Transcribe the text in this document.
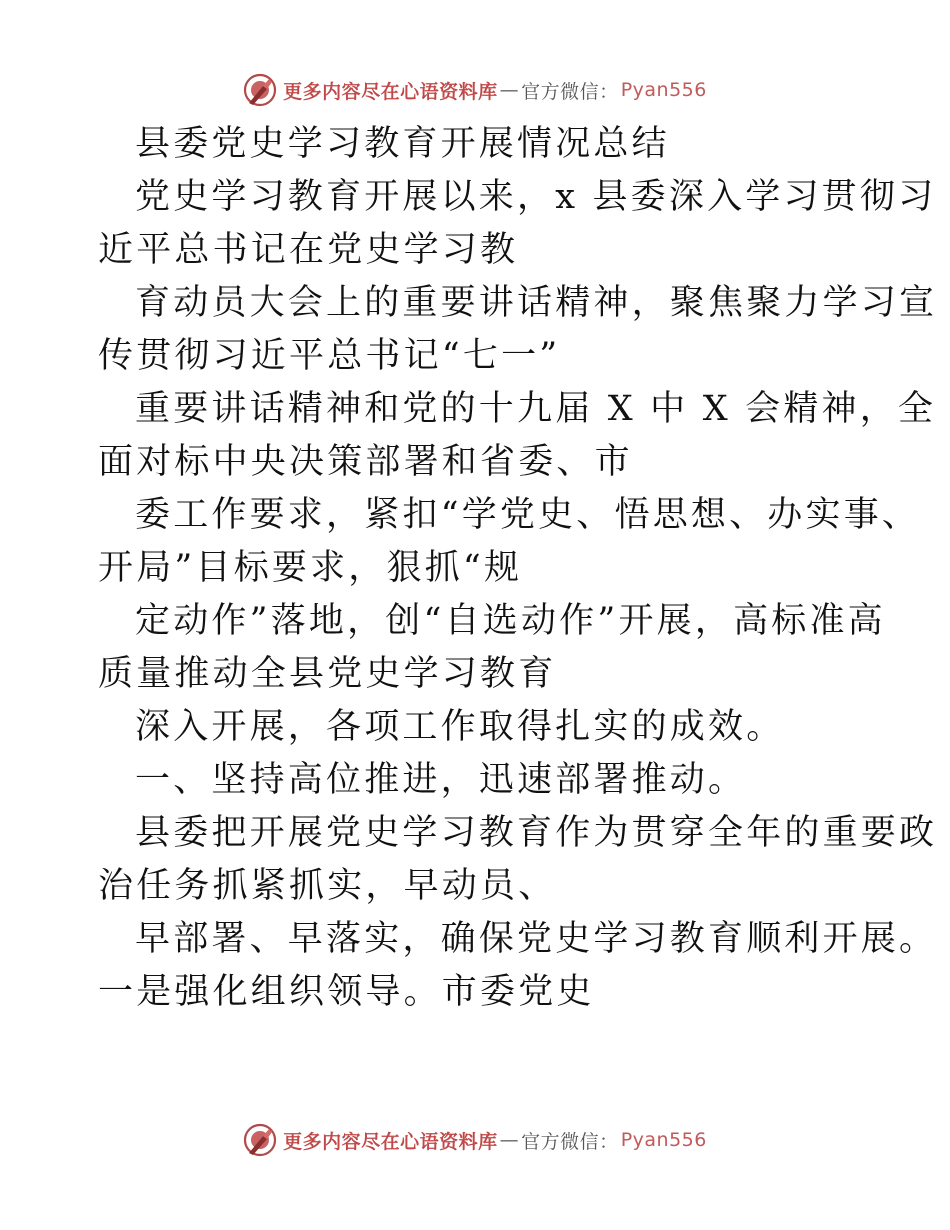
更多内容尽在心语资料库 — 官方微信： Pyan556
县委党史学习教育开展情况总结
党史学习教育开展以来，x 县委深入学习贯彻习
近平总书记在党史学习教
育动员大会上的重要讲话精神，聚焦聚力学习宣
传贯彻习近平总书记“七一”
重要讲话精神和党的十九届 X 中 X 会精神，全
面对标中央决策部署和省委、市
委工作要求，紧扣“学党史、悟思想、办实事、
开局”目标要求，狠抓“规
定动作”落地，创“自选动作”开展，高标准高
质量推动全县党史学习教育
深入开展，各项工作取得扎实的成效。
一、坚持高位推进，迅速部署推动。
县委把开展党史学习教育作为贯穿全年的重要政
治任务抓紧抓实，早动员、
早部署、早落实，确保党史学习教育顺利开展。
一是强化组织领导。市委党史
更多内容尽在心语资料库 — 官方微信： Pyan556
